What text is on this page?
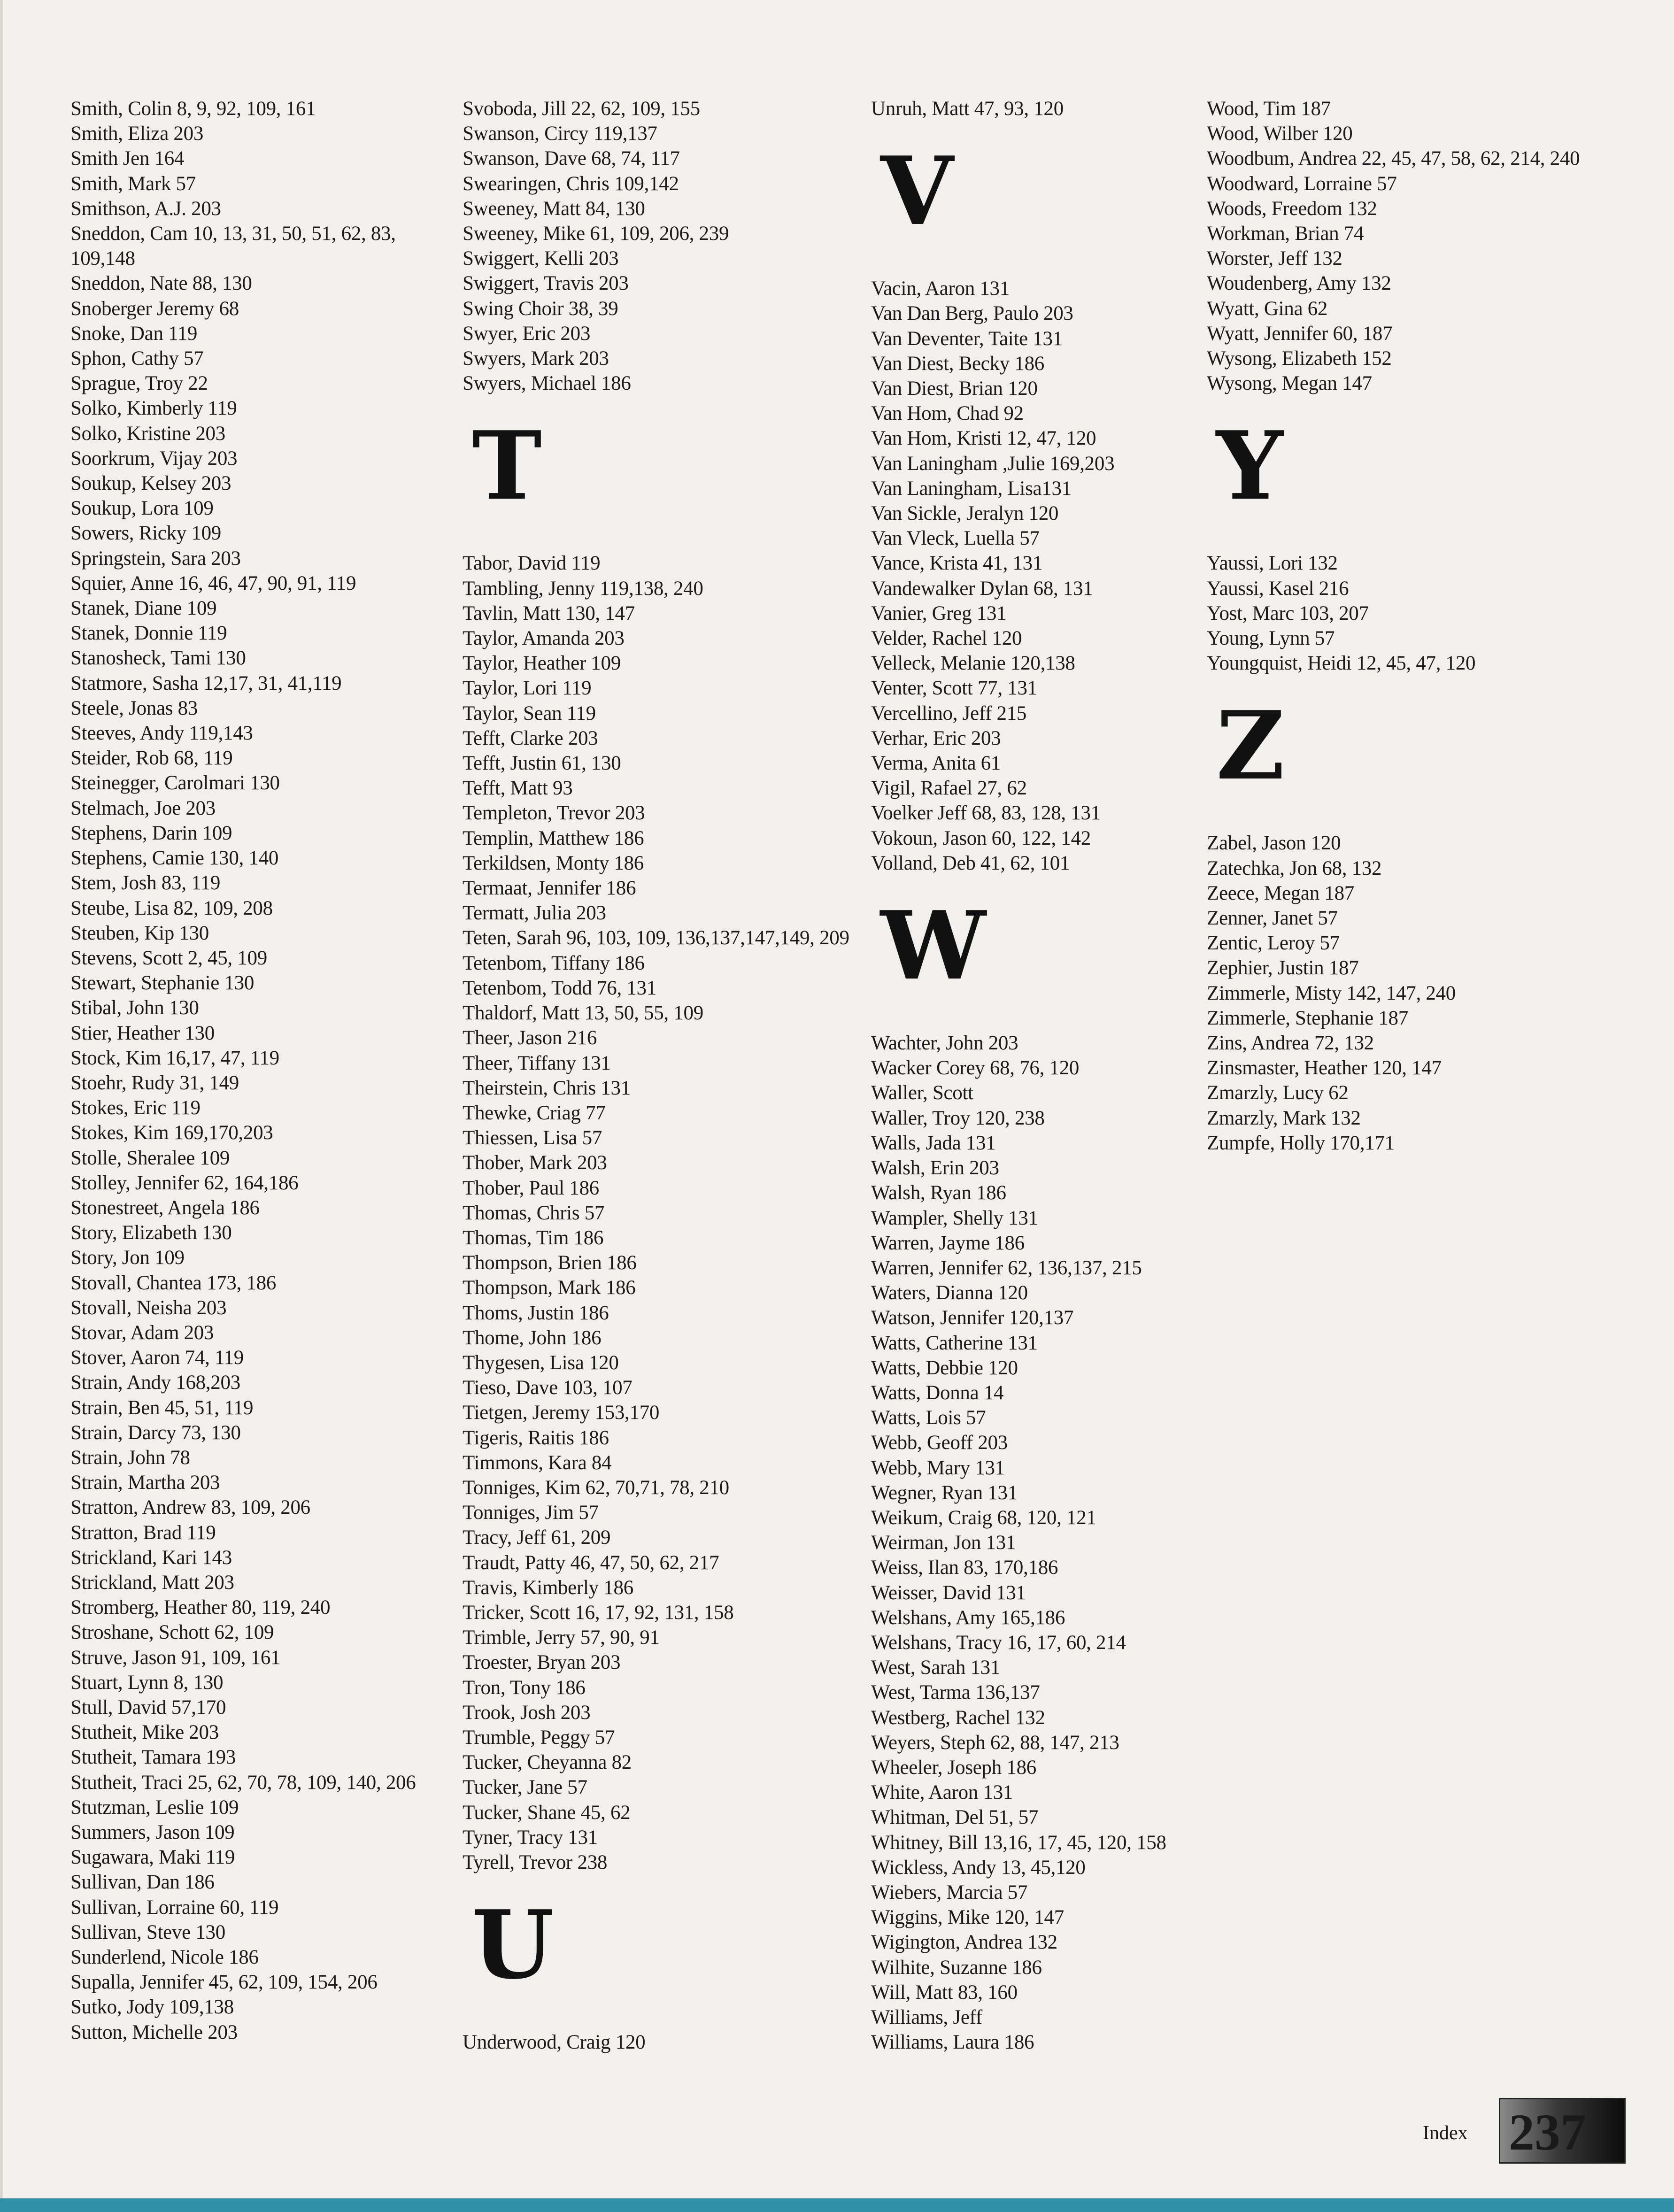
Smith, Colin 8, 9, 92, 109, 161
Smith, Eliza 203
Smith Jen 164
Smith, Mark 57
Smithson, A.J. 203
Sneddon, Cam 10, 13, 31, 50, 51, 62, 83,
109,148
Sneddon, Nate 88, 130
Snoberger Jeremy 68
Snoke, Dan 119
Sphon, Cathy 57
Sprague, Troy 22
Solko, Kimberly 119
Solko, Kristine 203
Soorkrum, Vijay 203
Soukup, Kelsey 203
Soukup, Lora 109
Sowers, Ricky 109
Springstein, Sara 203
Squier, Anne 16, 46, 47, 90, 91, 119
Stanek, Diane 109
Stanek, Donnie 119
Stanosheck, Tami 130
Statmore, Sasha 12,17, 31, 41,119
Steele, Jonas 83
Steeves, Andy 119,143
Steider, Rob 68, 119
Steinegger, Carolmari 130
Stelmach, Joe 203
Stephens, Darin 109
Stephens, Camie 130, 140
Stem, Josh 83, 119
Steube, Lisa 82, 109, 208
Steuben, Kip 130
Stevens, Scott 2, 45, 109
Stewart, Stephanie 130
Stibal, John 130
Stier, Heather 130
Stock, Kim 16,17, 47, 119
Stoehr, Rudy 31, 149
Stokes, Eric 119
Stokes, Kim 169,170,203
Stolle, Sheralee 109
Stolley, Jennifer 62, 164,186
Stonestreet, Angela 186
Story, Elizabeth 130
Story, Jon 109
Stovall, Chantea 173, 186
Stovall, Neisha 203
Stovar, Adam 203
Stover, Aaron 74, 119
Strain, Andy 168,203
Strain, Ben 45, 51, 119
Strain, Darcy 73, 130
Strain, John 78
Strain, Martha 203
Stratton, Andrew 83, 109, 206
Stratton, Brad 119
Strickland, Kari 143
Strickland, Matt 203
Stromberg, Heather 80, 119, 240
Stroshane, Schott 62, 109
Struve, Jason 91, 109, 161
Stuart, Lynn 8, 130
Stull, David 57,170
Stutheit, Mike 203
Stutheit, Tamara 193
Stutheit, Traci 25, 62, 70, 78, 109, 140, 206
Stutzman, Leslie 109
Summers, Jason 109
Sugawara, Maki 119
Sullivan, Dan 186
Sullivan, Lorraine 60, 119
Sullivan, Steve 130
Sunderlend, Nicole 186
Supalla, Jennifer 45, 62, 109, 154, 206
Sutko, Jody 109,138
Sutton, Michelle 203
Svoboda, Jill 22, 62, 109, 155
Swanson, Circy 119,137
Swanson, Dave 68, 74, 117
Swearingen, Chris 109,142
Sweeney, Matt 84, 130
Sweeney, Mike 61, 109, 206, 239
Swiggert, Kelli 203
Swiggert, Travis 203
Swing Choir 38, 39
Swyer, Eric 203
Swyers, Mark 203
Swyers, Michael 186
T
Tabor, David 119
Tambling, Jenny 119,138, 240
Tavlin, Matt 130, 147
Taylor, Amanda 203
Taylor, Heather 109
Taylor, Lori 119
Taylor, Sean 119
Tefft, Clarke 203
Tefft, Justin 61, 130
Tefft, Matt 93
Templeton, Trevor 203
Templin, Matthew 186
Terkildsen, Monty 186
Termaat, Jennifer 186
Termatt, Julia 203
Teten, Sarah 96, 103, 109, 136,137,147,149, 209
Tetenbom, Tiffany 186
Tetenbom, Todd 76, 131
Thaldorf, Matt 13, 50, 55, 109
Theer, Jason 216
Theer, Tiffany 131
Theirstein, Chris 131
Thewke, Criag 77
Thiessen, Lisa 57
Thober, Mark 203
Thober, Paul 186
Thomas, Chris 57
Thomas, Tim 186
Thompson, Brien 186
Thompson, Mark 186
Thoms, Justin 186
Thome, John 186
Thygesen, Lisa 120
Tieso, Dave 103, 107
Tietgen, Jeremy 153,170
Tigeris, Raitis 186
Timmons, Kara 84
Tonniges, Kim 62, 70,71, 78, 210
Tonniges, Jim 57
Tracy, Jeff 61, 209
Traudt, Patty 46, 47, 50, 62, 217
Travis, Kimberly 186
Tricker, Scott 16, 17, 92, 131, 158
Trimble, Jerry 57, 90, 91
Troester, Bryan 203
Tron, Tony 186
Trook, Josh 203
Trumble, Peggy 57
Tucker, Cheyanna 82
Tucker, Jane 57
Tucker, Shane 45, 62
Tyner, Tracy 131
Tyrell, Trevor 238
U
Underwood, Craig 120
Unruh, Matt 47, 93, 120
V
Vacin, Aaron 131
Van Dan Berg, Paulo 203
Van Deventer, Taite 131
Van Diest, Becky 186
Van Diest, Brian 120
Van Hom, Chad 92
Van Hom, Kristi 12, 47, 120
Van Laningham ,Julie 169,203
Van Laningham, Lisa131
Van Sickle, Jeralyn 120
Van Vleck, Luella 57
Vance, Krista 41, 131
Vandewalker Dylan 68, 131
Vanier, Greg 131
Velder, Rachel 120
Velleck, Melanie 120,138
Venter, Scott 77, 131
Vercellino, Jeff 215
Verhar, Eric 203
Verma, Anita 61
Vigil, Rafael 27, 62
Voelker Jeff 68, 83, 128, 131
Vokoun, Jason 60, 122, 142
Volland, Deb 41, 62, 101
W
Wachter, John 203
Wacker Corey 68, 76, 120
Waller, Scott
Waller, Troy 120, 238
Walls, Jada 131
Walsh, Erin 203
Walsh, Ryan 186
Wampler, Shelly 131
Warren, Jayme 186
Warren, Jennifer 62, 136,137, 215
Waters, Dianna 120
Watson, Jennifer 120,137
Watts, Catherine 131
Watts, Debbie 120
Watts, Donna 14
Watts, Lois 57
Webb, Geoff 203
Webb, Mary 131
Wegner, Ryan 131
Weikum, Craig 68, 120, 121
Weirman, Jon 131
Weiss, Ilan 83, 170,186
Weisser, David 131
Welshans, Amy 165,186
Welshans, Tracy 16, 17, 60, 214
West, Sarah 131
West, Tarma 136,137
Westberg, Rachel 132
Weyers, Steph 62, 88, 147, 213
Wheeler, Joseph 186
White, Aaron 131
Whitman, Del 51, 57
Whitney, Bill 13,16, 17, 45, 120, 158
Wickless, Andy 13, 45,120
Wiebers, Marcia 57
Wiggins, Mike 120, 147
Wigington, Andrea 132
Wilhite, Suzanne 186
Will, Matt 83, 160
Williams, Jeff
Williams, Laura 186
Wood, Tim 187
Wood, Wilber 120
Woodbum, Andrea 22, 45, 47, 58, 62, 214, 240
Woodward, Lorraine 57
Woods, Freedom 132
Workman, Brian 74
Worster, Jeff 132
Woudenberg, Amy 132
Wyatt, Gina 62
Wyatt, Jennifer 60, 187
Wysong, Elizabeth 152
Wysong, Megan 147
Y
Yaussi, Lori 132
Yaussi, Kasel 216
Yost, Marc 103, 207
Young, Lynn 57
Youngquist, Heidi 12, 45, 47, 120
Z
Zabel, Jason 120
Zatechka, Jon 68, 132
Zeece, Megan 187
Zenner, Janet 57
Zentic, Leroy 57
Zephier, Justin 187
Zimmerle, Misty 142, 147, 240
Zimmerle, Stephanie 187
Zins, Andrea 72, 132
Zinsmaster, Heather 120, 147
Zmarzly, Lucy 62
Zmarzly, Mark 132
Zumpfe, Holly 170,171
Index 237
